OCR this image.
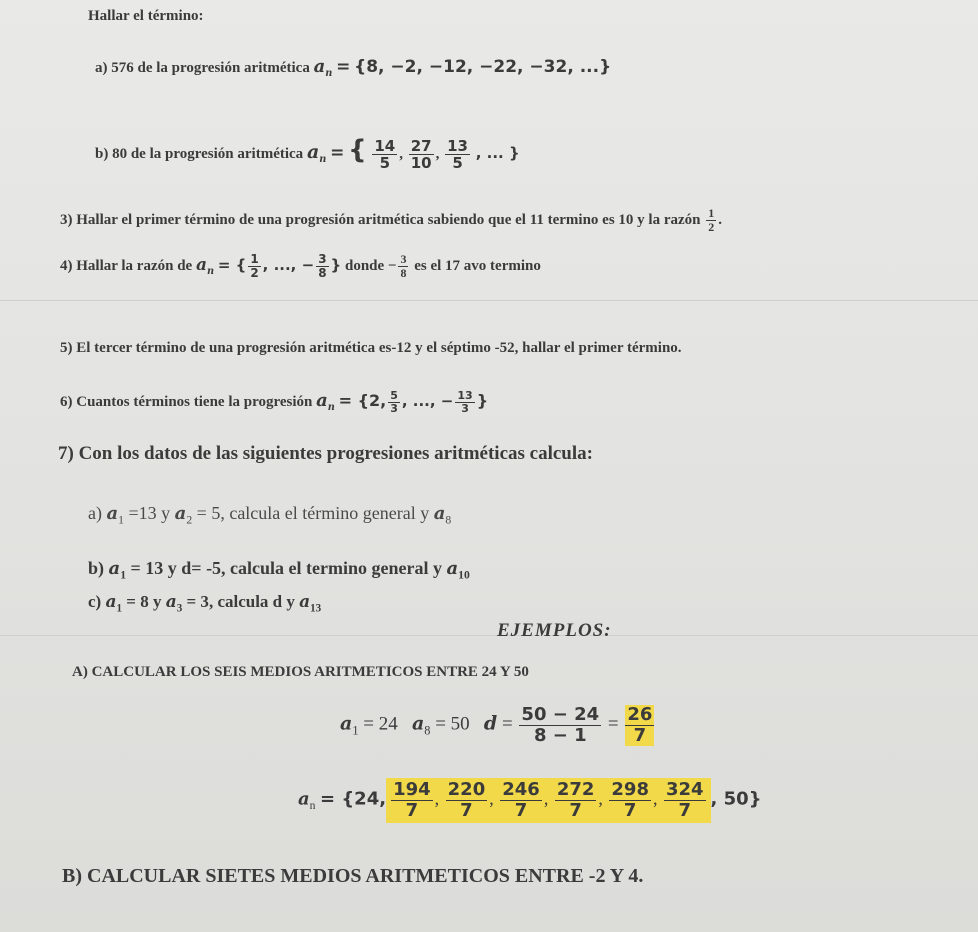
Hallar el término:
a) 576 de la progresión aritmética $a_n = \{8$, −2, −12, −22, −32, ...}
b) 80 de la progresión aritmética $a_n$ = { $\frac{14}{5}$ , $\frac{27}{10}$ , $\frac{13}{5}$ , ... }
3) Hallar el primer término de una progresión aritmética sabiendo que el 11 termino es 10 y la razón $\frac{1}{2}$ .
4) Hallar la razón de $a_n$ = { $\frac{1}{2}$ , ..., − $\frac{3}{8}$ } donde − $\frac{3}{8}$ es el 17 avo termino
5) El tercer término de una progresión aritmética es-12 y el séptimo -52, hallar el primer término.
6) Cuantos términos tiene la progresión $a_n = \{2$, $\frac{5}{3}$ , ..., − $\frac{13}{3}$ }
7) Con los datos de las siguientes progresiones aritméticas calcula:
a) $a_1 =13$ y $a_2 = 5$, calcula el término general y $a_8$
b) $a_1 = 13$ y d= -5, calcula el termino general y $a_{10}$
c) $a_1 = 8$ y $a_3 = 3$, calcula d y $a_{13}$
EJEMPLOS:
A) CALCULAR LOS SEIS MEDIOS ARITMETICOS ENTRE 24 Y 50
$a_1 = 24$ $a_8 = 50$ $d = \frac{50 - 24}{8 - 1} = \frac{26}{7}$
$a_n = \{24$, $\frac{194}{7}$ , $\frac{220}{7}$ , $\frac{246}{7}$ , $\frac{272}{7}$ , $\frac{298}{7}$ , $\frac{324}{7}$ , 50}
B) CALCULAR SIETES MEDIOS ARITMETICOS ENTRE -2 Y 4.
